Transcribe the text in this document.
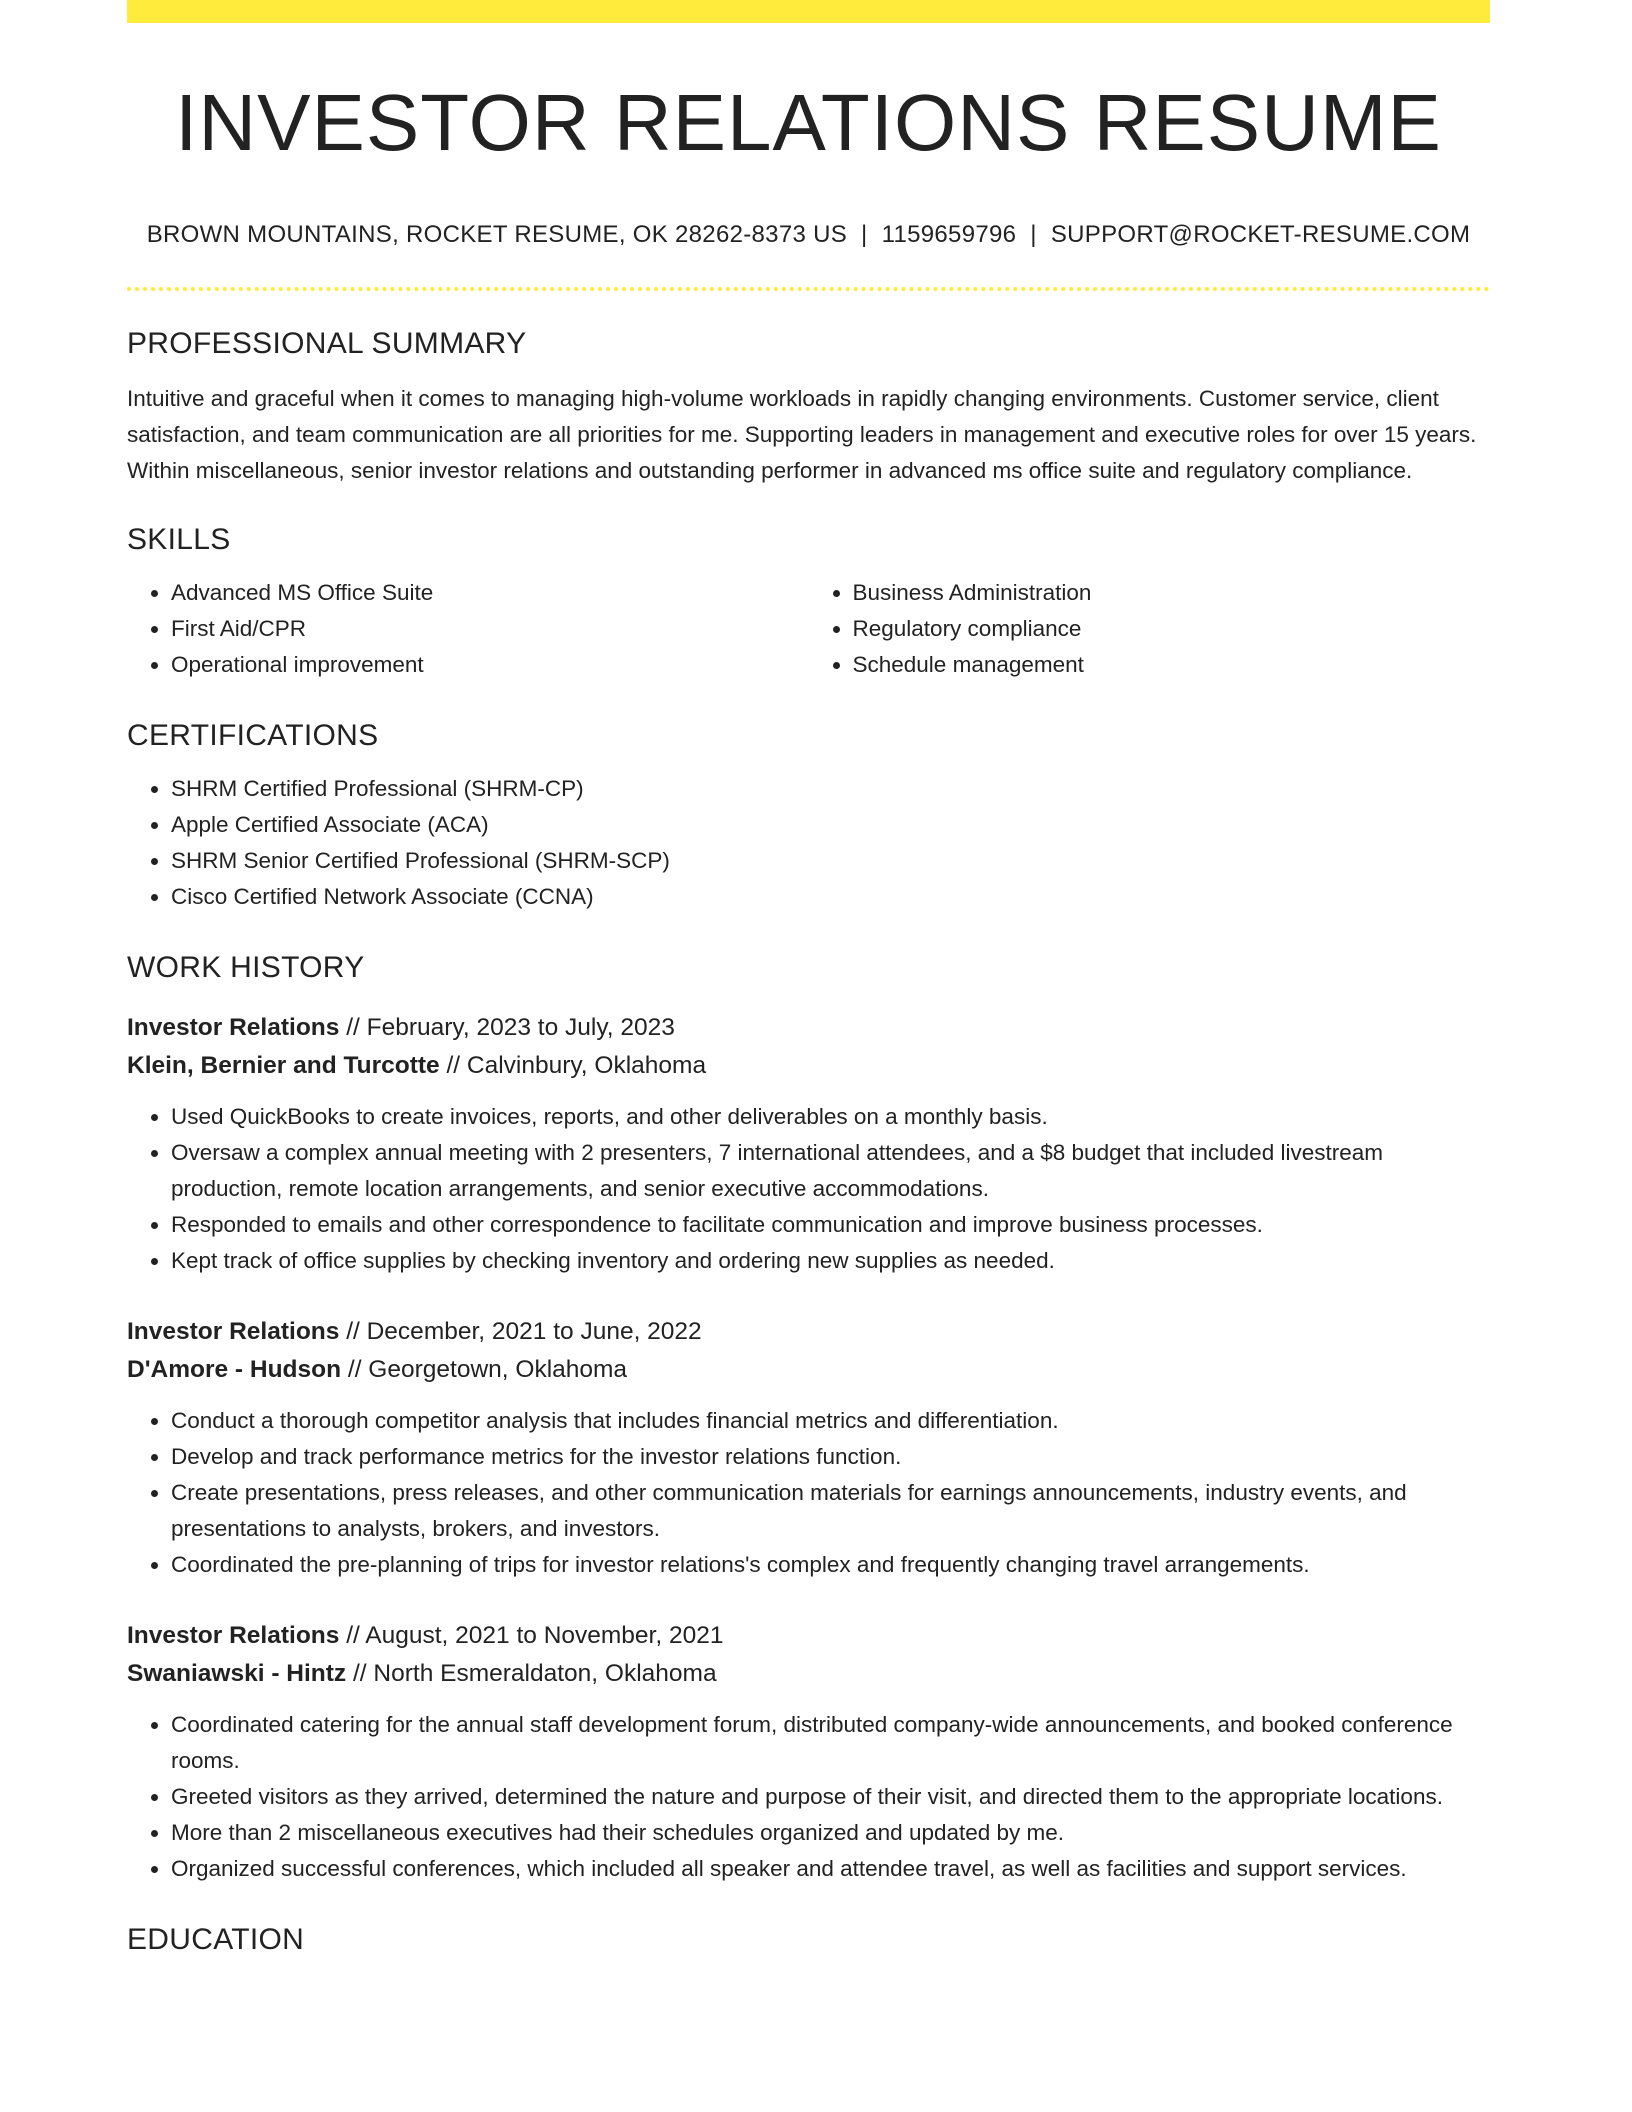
INVESTOR RELATIONS RESUME
BROWN MOUNTAINS, ROCKET RESUME, OK 28262-8373 US | 1159659796 | SUPPORT@ROCKET-RESUME.COM
PROFESSIONAL SUMMARY

Intuitive and graceful when it comes to managing high-volume workloads in rapidly changing environments. Customer service, client satisfaction, and team communication are all priorities for me. Supporting leaders in management and executive roles for over 15 years. Within miscellaneous, senior investor relations and outstanding performer in advanced ms office suite and regulatory compliance.

SKILLS
• Advanced MS Office Suite
• First Aid/CPR
• Operational improvement
• Business Administration
• Regulatory compliance
• Schedule management
CERTIFICATIONS
• SHRM Certified Professional (SHRM-CP)
• Apple Certified Associate (ACA)
• SHRM Senior Certified Professional (SHRM-SCP)
• Cisco Certified Network Associate (CCNA)
WORK HISTORY
Investor Relations // February, 2023 to July, 2023
Klein, Bernier and Turcotte // Calvinbury, Oklahoma
• Used QuickBooks to create invoices, reports, and other deliverables on a monthly basis.
• Oversaw a complex annual meeting with 2 presenters, 7 international attendees, and a $8 budget that included livestream production, remote location arrangements, and senior executive accommodations.
• Responded to emails and other correspondence to facilitate communication and improve business processes.
• Kept track of office supplies by checking inventory and ordering new supplies as needed.
Investor Relations // December, 2021 to June, 2022
D'Amore - Hudson // Georgetown, Oklahoma
• Conduct a thorough competitor analysis that includes financial metrics and differentiation.
• Develop and track performance metrics for the investor relations function.
• Create presentations, press releases, and other communication materials for earnings announcements, industry events, and presentations to analysts, brokers, and investors.
• Coordinated the pre-planning of trips for investor relations's complex and frequently changing travel arrangements.
Investor Relations // August, 2021 to November, 2021
Swaniawski - Hintz // North Esmeraldaton, Oklahoma
• Coordinated catering for the annual staff development forum, distributed company-wide announcements, and booked conference rooms.
• Greeted visitors as they arrived, determined the nature and purpose of their visit, and directed them to the appropriate locations.
• More than 2 miscellaneous executives had their schedules organized and updated by me.
• Organized successful conferences, which included all speaker and attendee travel, as well as facilities and support services.
EDUCATION
